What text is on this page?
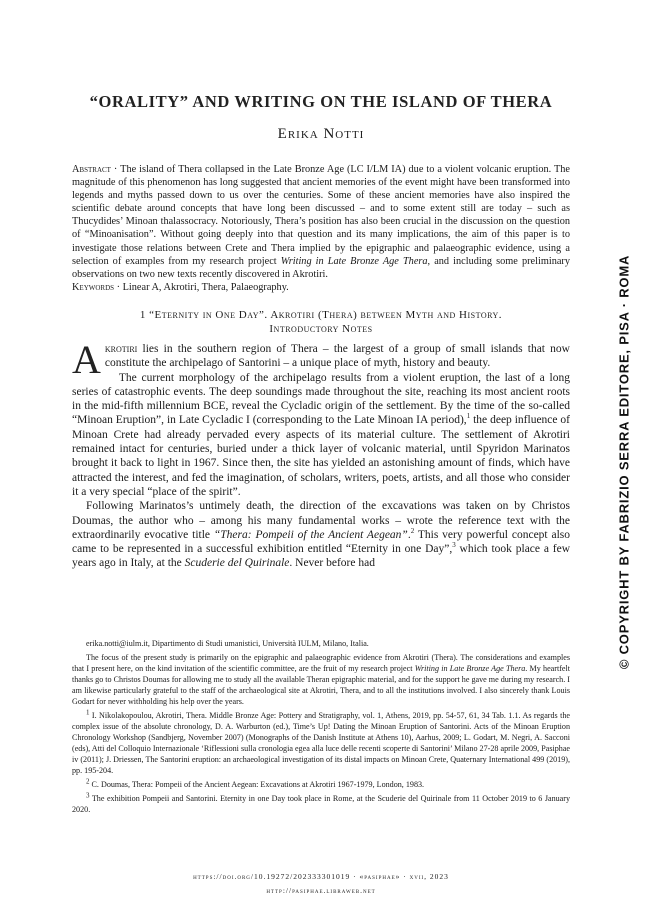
“ORALITY” AND WRITING ON THE ISLAND OF THERA
Erika Notti

Abstract · The island of Thera collapsed in the Late Bronze Age (LC I/LM IA) due to a violent volcanic eruption. The magnitude of this phenomenon has long suggested that ancient memories of the event might have been transformed into legends and myths passed down to us over the centuries. Some of these ancient memories have also inspired the scientific debate around concepts that have long been discussed – and to some extent still are today – such as Thucydides’ Minoan thalassocracy. Notoriously, Thera’s position has also been crucial in the discussion on the question of “Minoanisation”. Without going deeply into that question and its many implications, the aim of this paper is to investigate those relations between Crete and Thera implied by the epigraphic and palaeographic evidence, using a selection of examples from my research project Writing in Late Bronze Age Thera, and including some preliminary observations on two new texts recently discovered in Akrotiri.

Keywords · Linear A, Akrotiri, Thera, Palaeography.

1 “Eternity in One Day”. Akrotiri (Thera) between Myth and History.
Introductory Notes

Akrotiri lies in the southern region of Thera – the largest of a group of small islands that now constitute the archipelago of Santorini – a unique place of myth, history and beauty.

The current morphology of the archipelago results from a violent eruption, the last of a long series of catastrophic events. The deep soundings made throughout the site, reaching its most ancient roots in the mid-fifth millennium BCE, reveal the Cycladic origin of the settlement. By the time of the so-called “Minoan Eruption”, in Late Cycladic I (corresponding to the Late Minoan IA period),$^1$ the deep influence of Minoan Crete had already pervaded every aspects of its material culture. The settlement of Akrotiri remained intact for centuries, buried under a thick layer of volcanic material, until Spyridon Marinatos brought it back to light in 1967. Since then, the site has yielded an astonishing amount of finds, which have attracted the interest, and fed the imagination, of scholars, writers, poets, artists, and all those who consider it a very special “place of the spirit”.

Following Marinatos’s untimely death, the direction of the excavations was taken on by Christos Doumas, the author who – among his many fundamental works – wrote the reference text with the extraordinarily evocative title “Thera: Pompeii of the Ancient Aegean”.$^2$ This very powerful concept also came to be represented in a successful exhibition entitled “Eternity in one Day”,$^3$ which took place a few years ago in Italy, at the Scuderie del Quirinale. Never before had

erika.notti@iulm.it, Dipartimento di Studi umanistici, Università IULM, Milano, Italia.

The focus of the present study is primarily on the epigraphic and palaeographic evidence from Akrotiri (Thera). The considerations and examples that I present here, on the kind invitation of the scientific committee, are the fruit of my research project Writing in Late Bronze Age Thera. My heartfelt thanks go to Christos Doumas for allowing me to study all the available Theran epigraphic material, and for the support he gave me during my research. I am likewise particularly grateful to the staff of the archaeological site at Akrotiri, Thera, and to all the institutions involved. I also sincerely thank Louis Godart for never withholding his help over the years.

$^1$ I. Nikolakopoulou, Akrotiri, Thera. Middle Bronze Age: Pottery and Stratigraphy, vol. 1, Athens, 2019, pp. 54-57, 61, 34 Tab. 1.1. As regards the complex issue of the absolute chronology, D. A. Warburton (ed.), Time’s Up! Dating the Minoan Eruption of Santorini. Acts of the Minoan Eruption Chronology Workshop (Sandbjerg, November 2007) (Monographs of the Danish Institute at Athens 10), Aarhus, 2009; L. Godart, M. Negri, A. Sacconi (eds), Atti del Colloquio Internazionale ‘Riflessioni sulla cronologia egea alla luce delle recenti scoperte di Santorini’ Milano 27-28 aprile 2009, Pasiphae iv (2011); J. Driessen, The Santorini eruption: an archaeological investigation of its distal impacts on Minoan Crete, Quaternary International 499 (2019), pp. 195-204.

$^2$ C. Doumas, Thera: Pompeii of the Ancient Aegean: Excavations at Akrotiri 1967-1979, London, 1983.

$^3$ The exhibition Pompeii and Santorini. Eternity in one Day took place in Rome, at the Scuderie del Quirinale from 11 October 2019 to 6 January 2020.

https://doi.org/10.19272/202333301019 · «pasiphae» · xvii, 2023
http://pasiphae.libraweb.net
© COPYRIGHT BY FABRIZIO SERRA EDITORE, PISA · ROMA
